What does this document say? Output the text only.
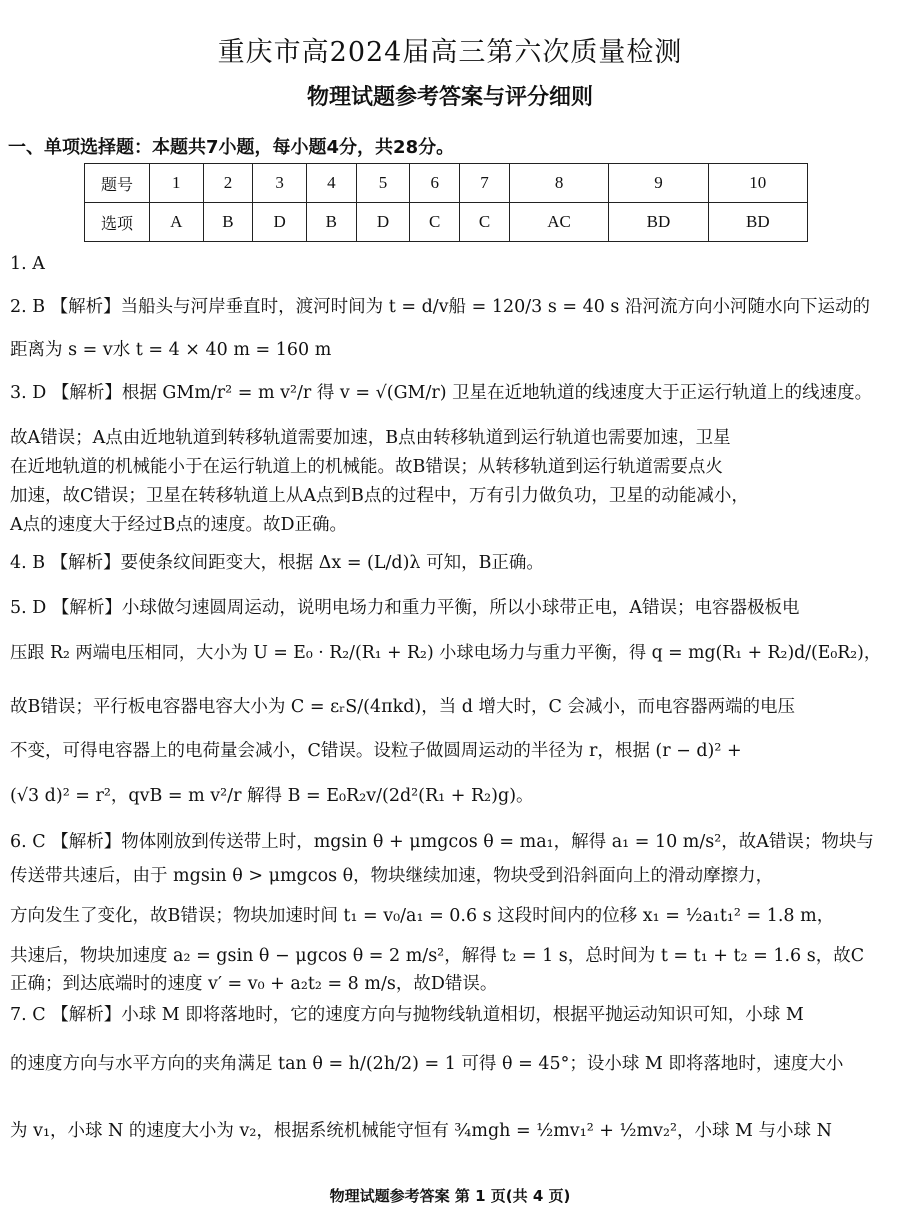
重庆市高2024届高三第六次质量检测
物理试题参考答案与评分细则
一、单项选择题：本题共7小题，每小题4分，共28分。
题号	1	2	3	4	5	6	7	8	9	10
选项	A	B	D	B	D	C	C	AC	BD	BD
1. A
2. B 【解析】当船头与河岸垂直时，渡河时间为 t = d/v船 = 120/3 s = 40 s 沿河流方向小河随水向下运动的
距离为 s = v水 t = 4 × 40 m = 160 m
3. D 【解析】根据 GMm/r² = m v²/r 得 v = √(GM/r) 卫星在近地轨道的线速度大于正运行轨道上的线速度。
故A错误；A点由近地轨道到转移轨道需要加速，B点由转移轨道到运行轨道也需要加速，卫星
在近地轨道的机械能小于在运行轨道上的机械能。故B错误；从转移轨道到运行轨道需要点火
加速，故C错误；卫星在转移轨道上从A点到B点的过程中，万有引力做负功，卫星的动能减小，
A点的速度大于经过B点的速度。故D正确。
4. B 【解析】要使条纹间距变大，根据 Δx = (L/d)λ 可知，B正确。
5. D 【解析】小球做匀速圆周运动，说明电场力和重力平衡，所以小球带正电，A错误；电容器极板电
压跟 R₂ 两端电压相同，大小为 U = E₀ · R₂/(R₁ + R₂) 小球电场力与重力平衡，得 q = mg(R₁ + R₂)d/(E₀R₂)，
故B错误；平行板电容器电容大小为 C = εᵣS/(4πkd)，当 d 增大时，C 会减小，而电容器两端的电压
不变，可得电容器上的电荷量会减小，C错误。设粒子做圆周运动的半径为 r，根据 (r − d)² +
(√3 d)² = r²，qvB = m v²/r 解得 B = E₀R₂v/(2d²(R₁ + R₂)g)。
6. C 【解析】物体刚放到传送带上时，mgsin θ + μmgcos θ = ma₁，解得 a₁ = 10 m/s²，故A错误；物块与
传送带共速后，由于 mgsin θ > μmgcos θ，物块继续加速，物块受到沿斜面向上的滑动摩擦力，
方向发生了变化，故B错误；物块加速时间 t₁ = v₀/a₁ = 0.6 s 这段时间内的位移 x₁ = ½a₁t₁² = 1.8 m，
共速后，物块加速度 a₂ = gsin θ − μgcos θ = 2 m/s²，解得 t₂ = 1 s，总时间为 t = t₁ + t₂ = 1.6 s，故C
正确；到达底端时的速度 v′ = v₀ + a₂t₂ = 8 m/s，故D错误。
7. C 【解析】小球 M 即将落地时，它的速度方向与抛物线轨道相切，根据平抛运动知识可知，小球 M
的速度方向与水平方向的夹角满足 tan θ = h/(2h/2) = 1 可得 θ = 45°；设小球 M 即将落地时，速度大小
为 v₁，小球 N 的速度大小为 v₂，根据系统机械能守恒有 ¾mgh = ½mv₁² + ½mv₂²，小球 M 与小球 N
物理试题参考答案 第 1 页(共 4 页)
